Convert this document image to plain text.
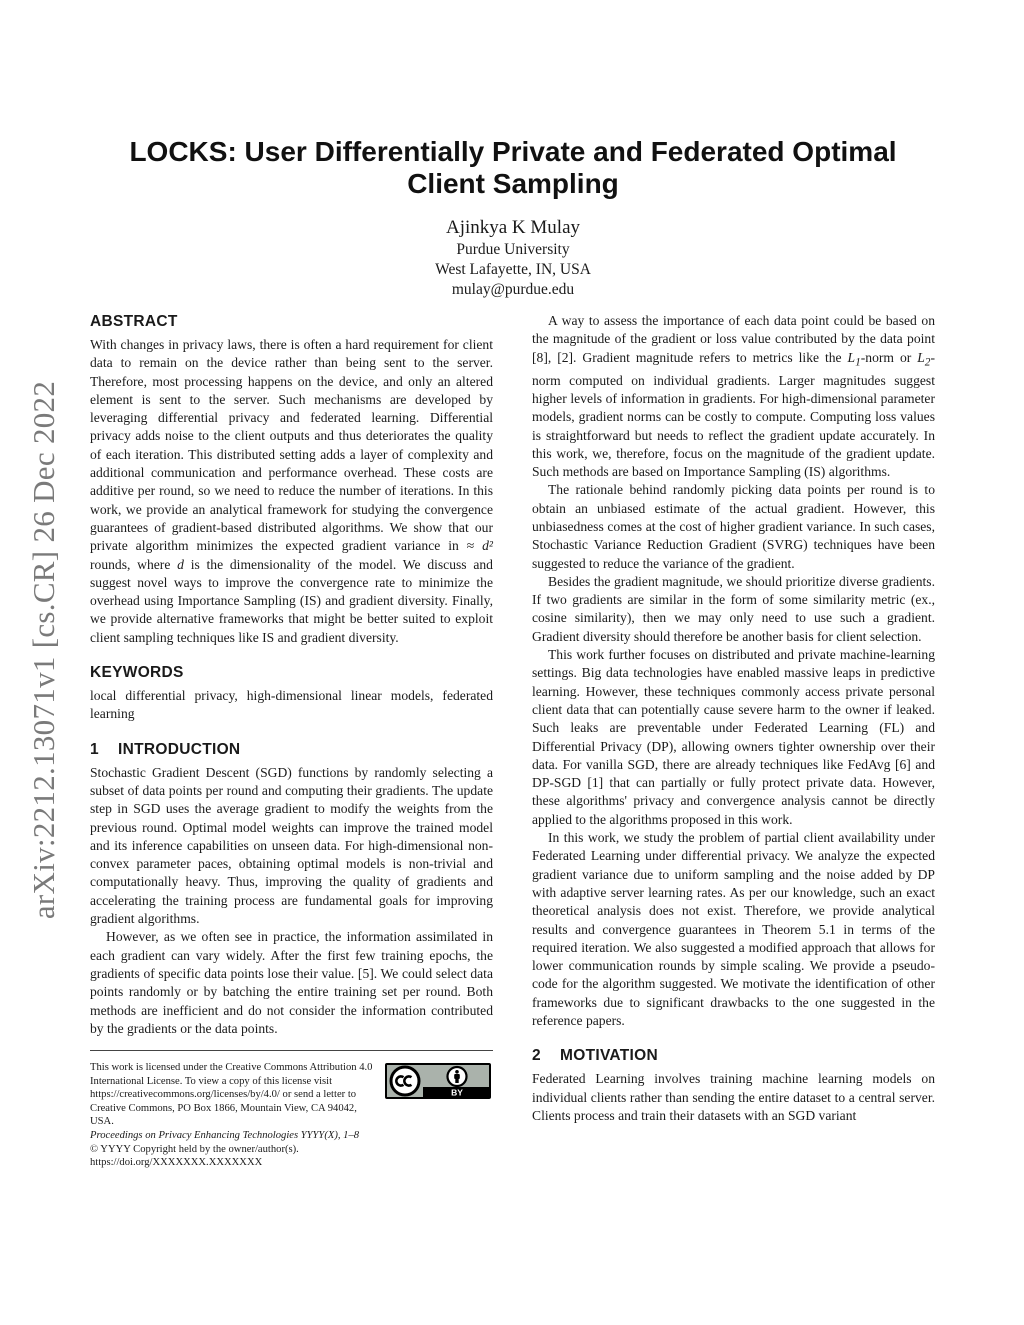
arXiv:2212.13071v1 [cs.CR] 26 Dec 2022
LOCKS: User Differentially Private and Federated Optimal
Client Sampling
Ajinkya K Mulay
Purdue University
West Lafayette, IN, USA
mulay@purdue.edu
ABSTRACT

With changes in privacy laws, there is often a hard requirement for client data to remain on the device rather than being sent to the server. Therefore, most processing happens on the device, and only an altered element is sent to the server. Such mechanisms are developed by leveraging differential privacy and federated learning. Differential privacy adds noise to the client outputs and thus deteriorates the quality of each iteration. This distributed setting adds a layer of complexity and additional communication and performance overhead. These costs are additive per round, so we need to reduce the number of iterations. In this work, we provide an analytical framework for studying the convergence guarantees of gradient-based distributed algorithms. We show that our private algorithm minimizes the expected gradient variance in ≈ d² rounds, where d is the dimensionality of the model. We discuss and suggest novel ways to improve the convergence rate to minimize the overhead using Importance Sampling (IS) and gradient diversity. Finally, we provide alternative frameworks that might be better suited to exploit client sampling techniques like IS and gradient diversity.

KEYWORDS

local differential privacy, high-dimensional linear models, federated learning

1 INTRODUCTION

Stochastic Gradient Descent (SGD) functions by randomly selecting a subset of data points per round and computing their gradients. The update step in SGD uses the average gradient to modify the weights from the previous round. Optimal model weights can improve the trained model and its inference capabilities on unseen data. For high-dimensional non-convex parameter paces, obtaining optimal models is non-trivial and computationally heavy. Thus, improving the quality of gradients and accelerating the training process are fundamental goals for improving gradient algorithms.

However, as we often see in practice, the information assimilated in each gradient can vary widely. After the first few training epochs, the gradients of specific data points lose their value. [5]. We could select data points randomly or by batching the entire training set per round. Both methods are inefficient and do not consider the information contributed by the gradients or the data points.

BY
This work is licensed under the Creative Commons Attribution 4.0 International License. To view a copy of this license visit https://creativecommons.org/licenses/by/4.0/ or send a letter to Creative Commons, PO Box 1866, Mountain View, CA 94042, USA.
Proceedings on Privacy Enhancing Technologies YYYY(X), 1–8
© YYYY Copyright held by the owner/author(s).
https://doi.org/XXXXXXX.XXXXXXX

A way to assess the importance of each data point could be based on the magnitude of the gradient or loss value contributed by the data point [8], [2]. Gradient magnitude refers to metrics like the $L_1$-norm or $L_2$-norm computed on individual gradients. Larger magnitudes suggest higher levels of information in gradients. For high-dimensional parameter models, gradient norms can be costly to compute. Computing loss values is straightforward but needs to reflect the gradient update accurately. In this work, we, therefore, focus on the magnitude of the gradient update. Such methods are based on Importance Sampling (IS) algorithms.

The rationale behind randomly picking data points per round is to obtain an unbiased estimate of the actual gradient. However, this unbiasedness comes at the cost of higher gradient variance. In such cases, Stochastic Variance Reduction Gradient (SVRG) techniques have been suggested to reduce the variance of the gradient.

Besides the gradient magnitude, we should prioritize diverse gradients. If two gradients are similar in the form of some similarity metric (ex., cosine similarity), then we may only need to use such a gradient. Gradient diversity should therefore be another basis for client selection.

This work further focuses on distributed and private machine-learning settings. Big data technologies have enabled massive leaps in predictive learning. However, these techniques commonly access private personal client data that can potentially cause severe harm to the owner if leaked. Such leaks are preventable under Federated Learning (FL) and Differential Privacy (DP), allowing owners tighter ownership over their data. For vanilla SGD, there are already techniques like FedAvg [6] and DP-SGD [1] that can partially or fully protect private data. However, these algorithms' privacy and convergence analysis cannot be directly applied to the algorithms proposed in this work.

In this work, we study the problem of partial client availability under Federated Learning under differential privacy. We analyze the expected gradient variance due to uniform sampling and the noise added by DP with adaptive server learning rates. As per our knowledge, such an exact theoretical analysis does not exist. Therefore, we provide analytical results and convergence guarantees in Theorem 5.1 in terms of the required iteration. We also suggested a modified approach that allows for lower communication rounds by simple scaling. We provide a pseudo-code for the algorithm suggested. We motivate the identification of other frameworks due to significant drawbacks to the one suggested in the reference papers.

2 MOTIVATION

Federated Learning involves training machine learning models on individual clients rather than sending the entire dataset to a central server. Clients process and train their datasets with an SGD variant
